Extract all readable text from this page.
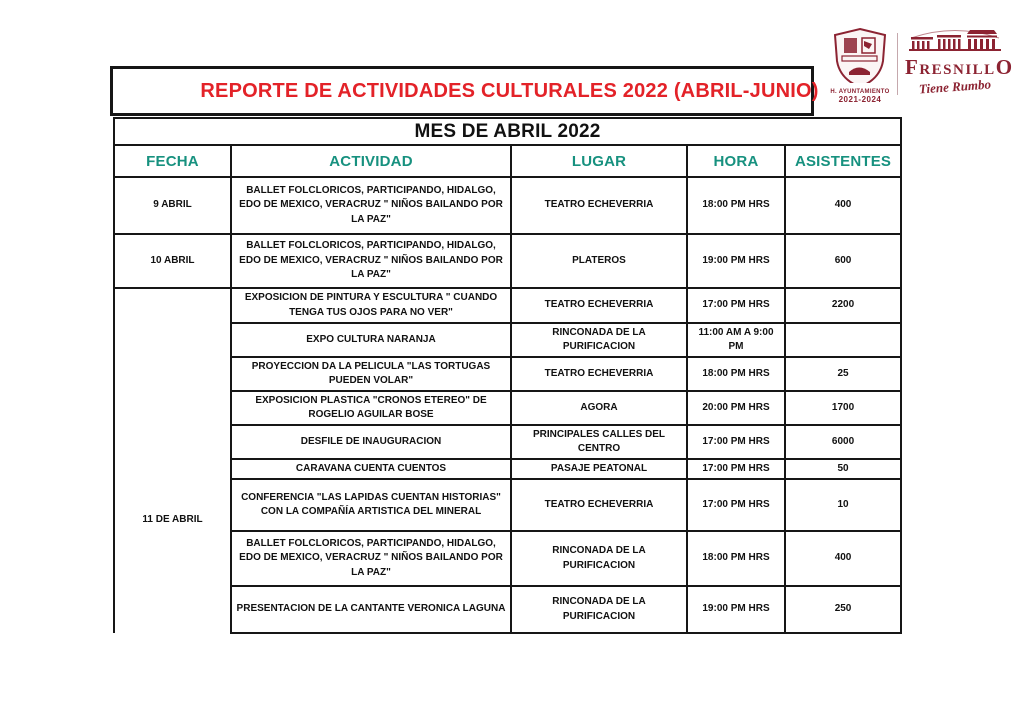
REPORTE DE ACTIVIDADES CULTURALES 2022 (ABRIL-JUNIO) H. AYUNTAMIENTO
2021-2024
FRESNILLO
Tiene Rumbo
MES DE ABRIL 2022				
FECHA	ACTIVIDAD	LUGAR	HORA	ASISTENTES
9 ABRIL	BALLET FOLCLORICOS, PARTICIPANDO, HIDALGO, EDO DE MEXICO, VERACRUZ " NIÑOS BAILANDO POR LA PAZ"	TEATRO ECHEVERRIA	18:00 PM HRS	400
10 ABRIL	BALLET FOLCLORICOS, PARTICIPANDO, HIDALGO, EDO DE MEXICO, VERACRUZ " NIÑOS BAILANDO POR LA PAZ"	PLATEROS	19:00 PM HRS	600

11 DE ABRIL	EXPOSICION DE PINTURA Y ESCULTURA " CUANDO TENGA TUS OJOS PARA NO VER"	TEATRO ECHEVERRIA	17:00 PM HRS	2200
	EXPO CULTURA NARANJA	RINCONADA DE LA PURIFICACION	11:00 AM A 9:00 PM	
	PROYECCION DA LA PELICULA "LAS TORTUGAS PUEDEN VOLAR"	TEATRO ECHEVERRIA	18:00 PM HRS	25
	EXPOSICION PLASTICA "CRONOS ETEREO" DE ROGELIO AGUILAR BOSE	AGORA	20:00 PM HRS	1700
	DESFILE DE INAUGURACION	PRINCIPALES CALLES DEL CENTRO	17:00 PM HRS	6000
	CARAVANA CUENTA CUENTOS	PASAJE PEATONAL	17:00 PM HRS	50
	CONFERENCIA "LAS LAPIDAS CUENTAN HISTORIAS" CON LA COMPAÑÍA ARTISTICA DEL MINERAL	TEATRO ECHEVERRIA	17:00 PM HRS	10
	BALLET FOLCLORICOS, PARTICIPANDO, HIDALGO, EDO DE MEXICO, VERACRUZ " NIÑOS BAILANDO POR LA PAZ"	RINCONADA DE LA PURIFICACION	18:00 PM HRS	400
	PRESENTACION DE LA CANTANTE VERONICA LAGUNA	RINCONADA DE LA PURIFICACION	19:00 PM HRS	250
